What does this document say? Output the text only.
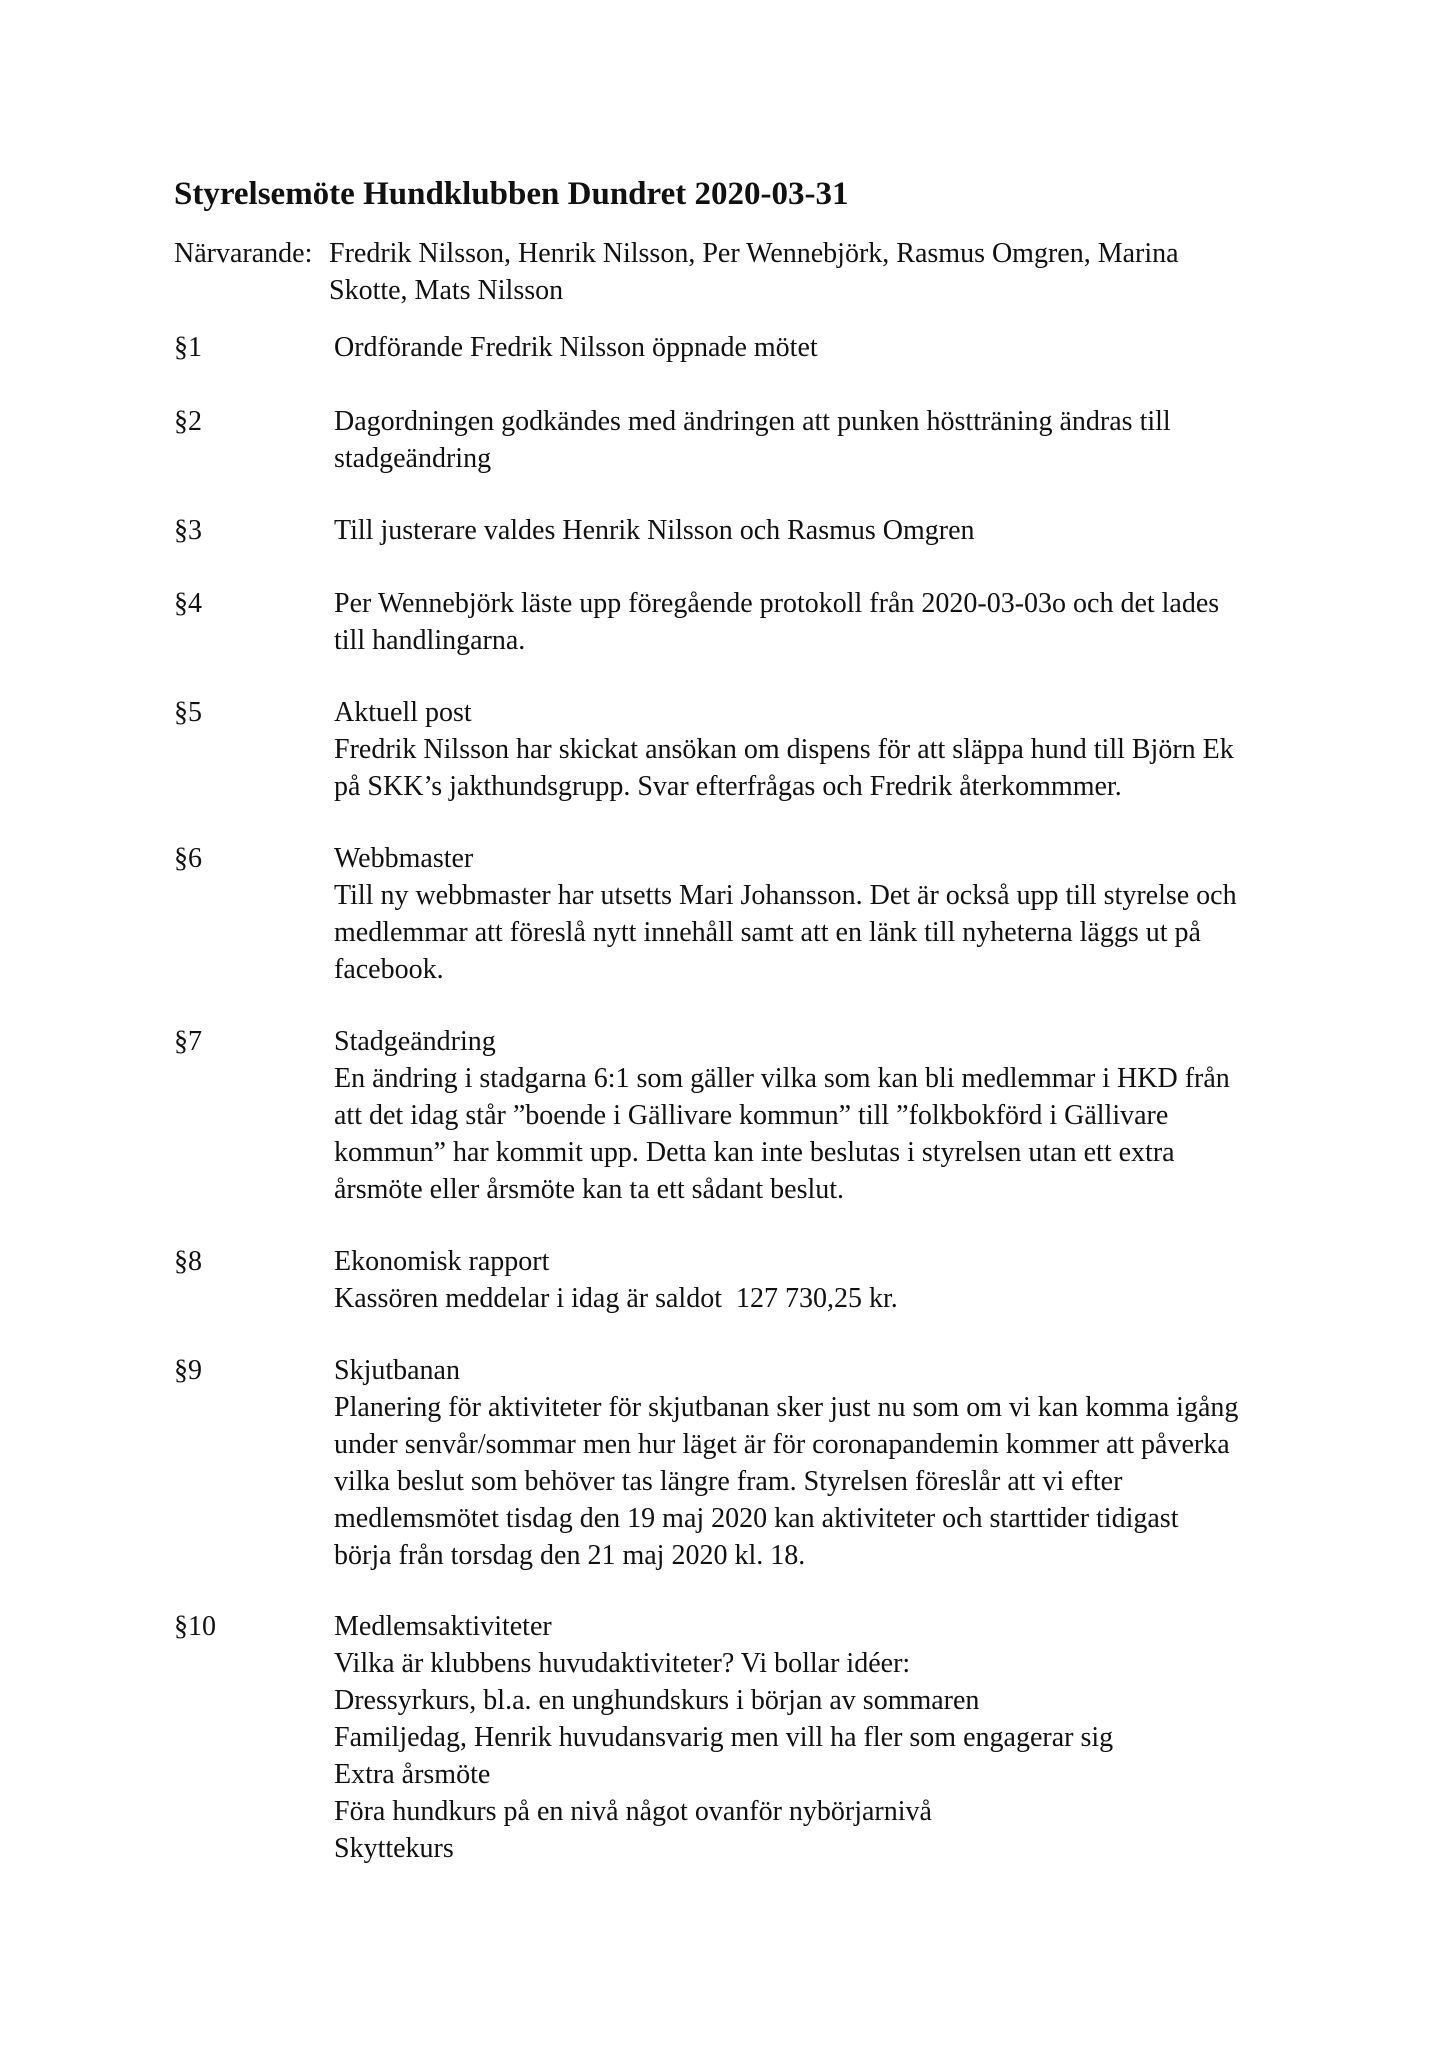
Styrelsemöte Hundklubben Dundret 2020-03-31
Närvarande: Fredrik Nilsson, Henrik Nilsson, Per Wennebjörk, Rasmus Omgren, Marina
Skotte, Mats Nilsson
§1	Ordförande Fredrik Nilsson öppnade mötet
§2	Dagordningen godkändes med ändringen att punken höstträning ändras till
stadgeändring
§3	Till justerare valdes Henrik Nilsson och Rasmus Omgren
§4	Per Wennebjörk läste upp föregående protokoll från 2020-03-03o och det lades
till handlingarna.
§5	Aktuell post
Fredrik Nilsson har skickat ansökan om dispens för att släppa hund till Björn Ek
på SKK’s jakthundsgrupp. Svar efterfrågas och Fredrik återkommmer.
§6	Webbmaster
Till ny webbmaster har utsetts Mari Johansson. Det är också upp till styrelse och
medlemmar att föreslå nytt innehåll samt att en länk till nyheterna läggs ut på
facebook.
§7	Stadgeändring
En ändring i stadgarna 6:1 som gäller vilka som kan bli medlemmar i HKD från
att det idag står ”boende i Gällivare kommun” till ”folkbokförd i Gällivare
kommun” har kommit upp. Detta kan inte beslutas i styrelsen utan ett extra
årsmöte eller årsmöte kan ta ett sådant beslut.
§8	Ekonomisk rapport
Kassören meddelar i idag är saldot  127 730,25 kr.
§9	Skjutbanan
Planering för aktiviteter för skjutbanan sker just nu som om vi kan komma igång
under senvår/sommar men hur läget är för coronapandemin kommer att påverka
vilka beslut som behöver tas längre fram. Styrelsen föreslår att vi efter
medlemsmötet tisdag den 19 maj 2020 kan aktiviteter och starttider tidigast
börja från torsdag den 21 maj 2020 kl. 18.
§10	Medlemsaktiviteter
Vilka är klubbens huvudaktiviteter? Vi bollar idéer:
Dressyrkurs, bl.a. en unghundskurs i början av sommaren
Familjedag, Henrik huvudansvarig men vill ha fler som engagerar sig
Extra årsmöte
Föra hundkurs på en nivå något ovanför nybörjarnivå
Skyttekurs
